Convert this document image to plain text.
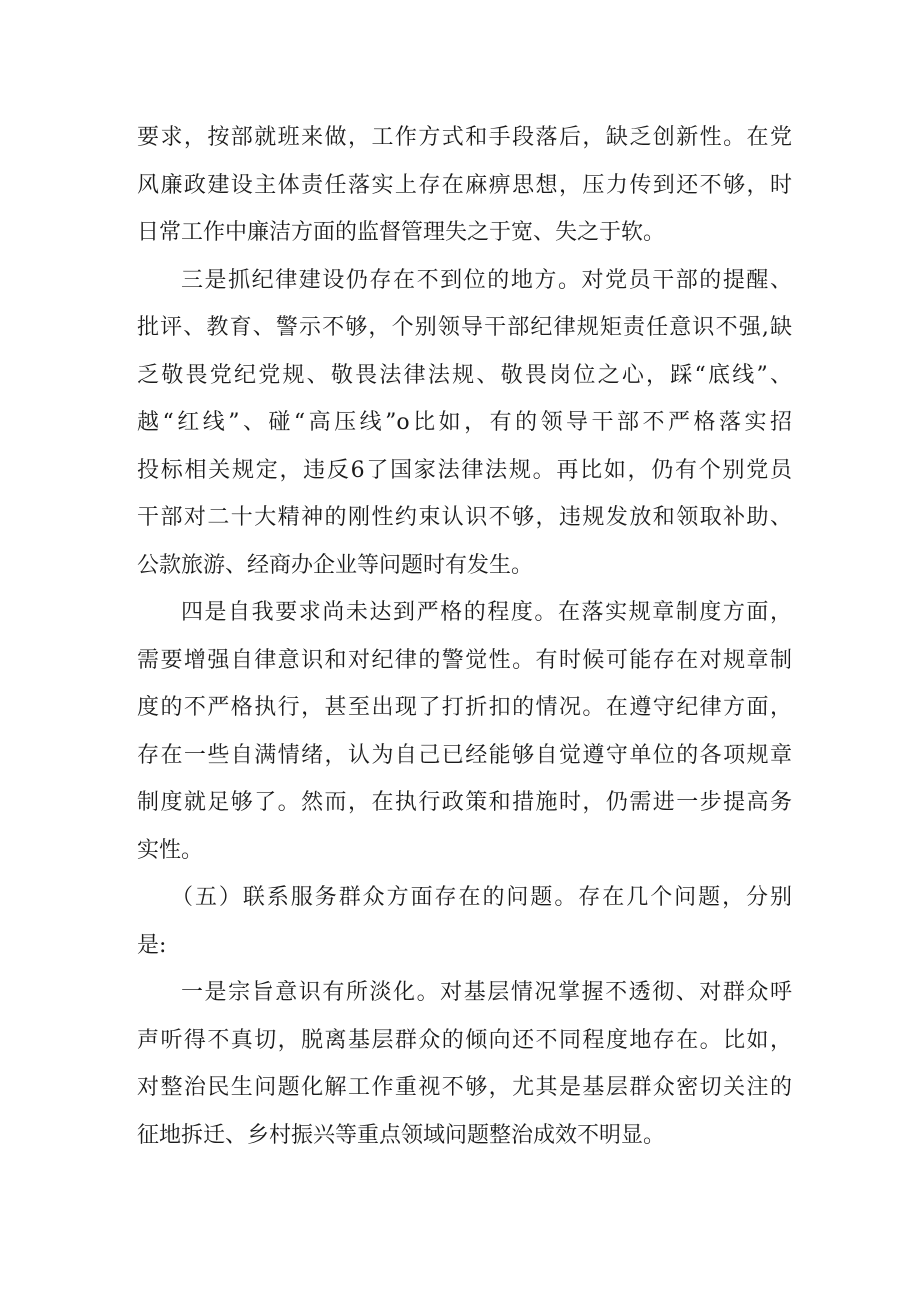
要求，按部就班来做，工作方式和手段落后，缺乏创新性。在党
风廉政建设主体责任落实上存在麻痹思想，压力传到还不够，时
日常工作中廉洁方面的监督管理失之于宽、失之于软。
三是抓纪律建设仍存在不到位的地方。对党员干部的提醒、
批评、教育、警示不够，个别领导干部纪律规矩责任意识不强,缺
乏敬畏党纪党规、敬畏法律法规、敬畏岗位之心，踩“底线”、
越“红线”、碰“高压线”o比如，有的领导干部不严格落实招
投标相关规定，违反6了国家法律法规。再比如，仍有个别党员
干部对二十大精神的刚性约束认识不够，违规发放和领取补助、
公款旅游、经商办企业等问题时有发生。
四是自我要求尚未达到严格的程度。在落实规章制度方面，
需要增强自律意识和对纪律的警觉性。有时候可能存在对规章制
度的不严格执行，甚至出现了打折扣的情况。在遵守纪律方面，
存在一些自满情绪，认为自己已经能够自觉遵守单位的各项规章
制度就足够了。然而，在执行政策和措施时，仍需进一步提高务
实性。
（五）联系服务群众方面存在的问题。存在几个问题，分别
是:
一是宗旨意识有所淡化。对基层情况掌握不透彻、对群众呼
声听得不真切，脱离基层群众的倾向还不同程度地存在。比如，
对整治民生问题化解工作重视不够，尤其是基层群众密切关注的
征地拆迁、乡村振兴等重点领域问题整治成效不明显。
